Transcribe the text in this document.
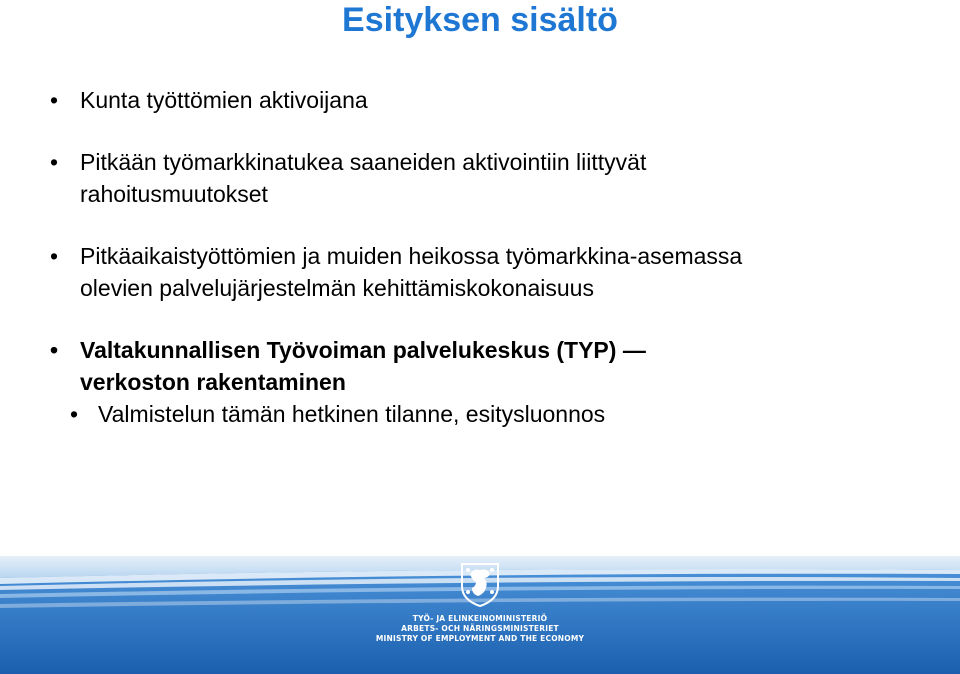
Esityksen sisältö
• Kunta työttömien aktivoijana
• Pitkään työmarkkinatukea saaneiden aktivointiin liittyvät
rahoitusmuutokset
• Pitkäaikaistyöttömien ja muiden heikossa työmarkkina-asemassa
olevien palvelujärjestelmän kehittämiskokonaisuus
• Valtakunnallisen Työvoiman palvelukeskus (TYP) —
verkoston rakentaminen
• Valmistelun tämän hetkinen tilanne, esitysluonnos
TYÖ- JA ELINKEINOMINISTERIÖ
ARBETS- OCH NÄRINGSMINISTERIET
MINISTRY OF EMPLOYMENT AND THE ECONOMY
